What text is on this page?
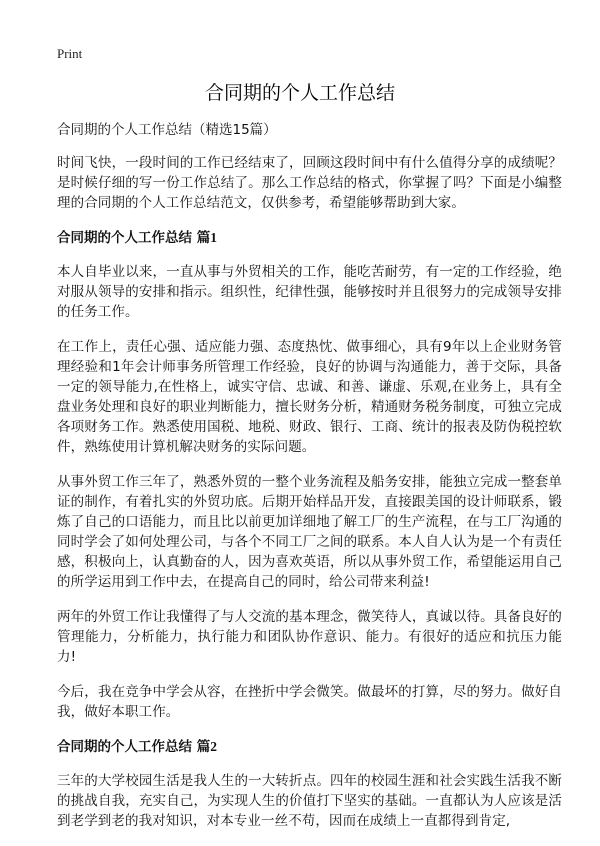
Print
合同期的个人工作总结

合同期的个人工作总结（精选15篇）

时间飞快，一段时间的工作已经结束了，回顾这段时间中有什么值得分享的成绩呢？是时候仔细的写一份工作总结了。那么工作总结的格式，你掌握了吗？下面是小编整理的合同期的个人工作总结范文，仅供参考，希望能够帮助到大家。

合同期的个人工作总结 篇1

本人自毕业以来，一直从事与外贸相关的工作，能吃苦耐劳，有一定的工作经验，绝对服从领导的安排和指示。组织性，纪律性强，能够按时并且很努力的完成领导安排的任务工作。

在工作上，责任心强、适应能力强、态度热忱、做事细心，具有9年以上企业财务管理经验和1年会计师事务所管理工作经验，良好的协调与沟通能力，善于交际，具备一定的领导能力,在性格上，诚实守信、忠诚、和善、谦虚、乐观,在业务上，具有全盘业务处理和良好的职业判断能力，擅长财务分析，精通财务税务制度，可独立完成各项财务工作。熟悉使用国税、地税、财政、银行、工商、统计的报表及防伪税控软件，熟练使用计算机解决财务的实际问题。

从事外贸工作三年了，熟悉外贸的一整个业务流程及船务安排，能独立完成一整套单证的制作，有着扎实的外贸功底。后期开始样品开发，直接跟美国的设计师联系，锻炼了自己的口语能力，而且比以前更加详细地了解工厂的生产流程，在与工厂沟通的同时学会了如何处理公司，与各个不同工厂之间的联系。本人自人认为是一个有责任感，积极向上，认真勤奋的人，因为喜欢英语，所以从事外贸工作，希望能运用自己的所学运用到工作中去，在提高自己的同时，给公司带来利益!

两年的外贸工作让我懂得了与人交流的基本理念，微笑待人，真诚以待。具备良好的管理能力，分析能力，执行能力和团队协作意识、能力。有很好的适应和抗压力能力!

今后，我在竞争中学会从容，在挫折中学会微笑。做最坏的打算，尽的努力。做好自我，做好本职工作。

合同期的个人工作总结 篇2

三年的大学校园生活是我人生的一大转折点。四年的校园生涯和社会实践生活我不断的挑战自我，充实自己，为实现人生的价值打下坚实的基础。一直都认为人应该是活到老学到老的我对知识，对本专业一丝不苟，因而在成绩上一直都得到肯定,
